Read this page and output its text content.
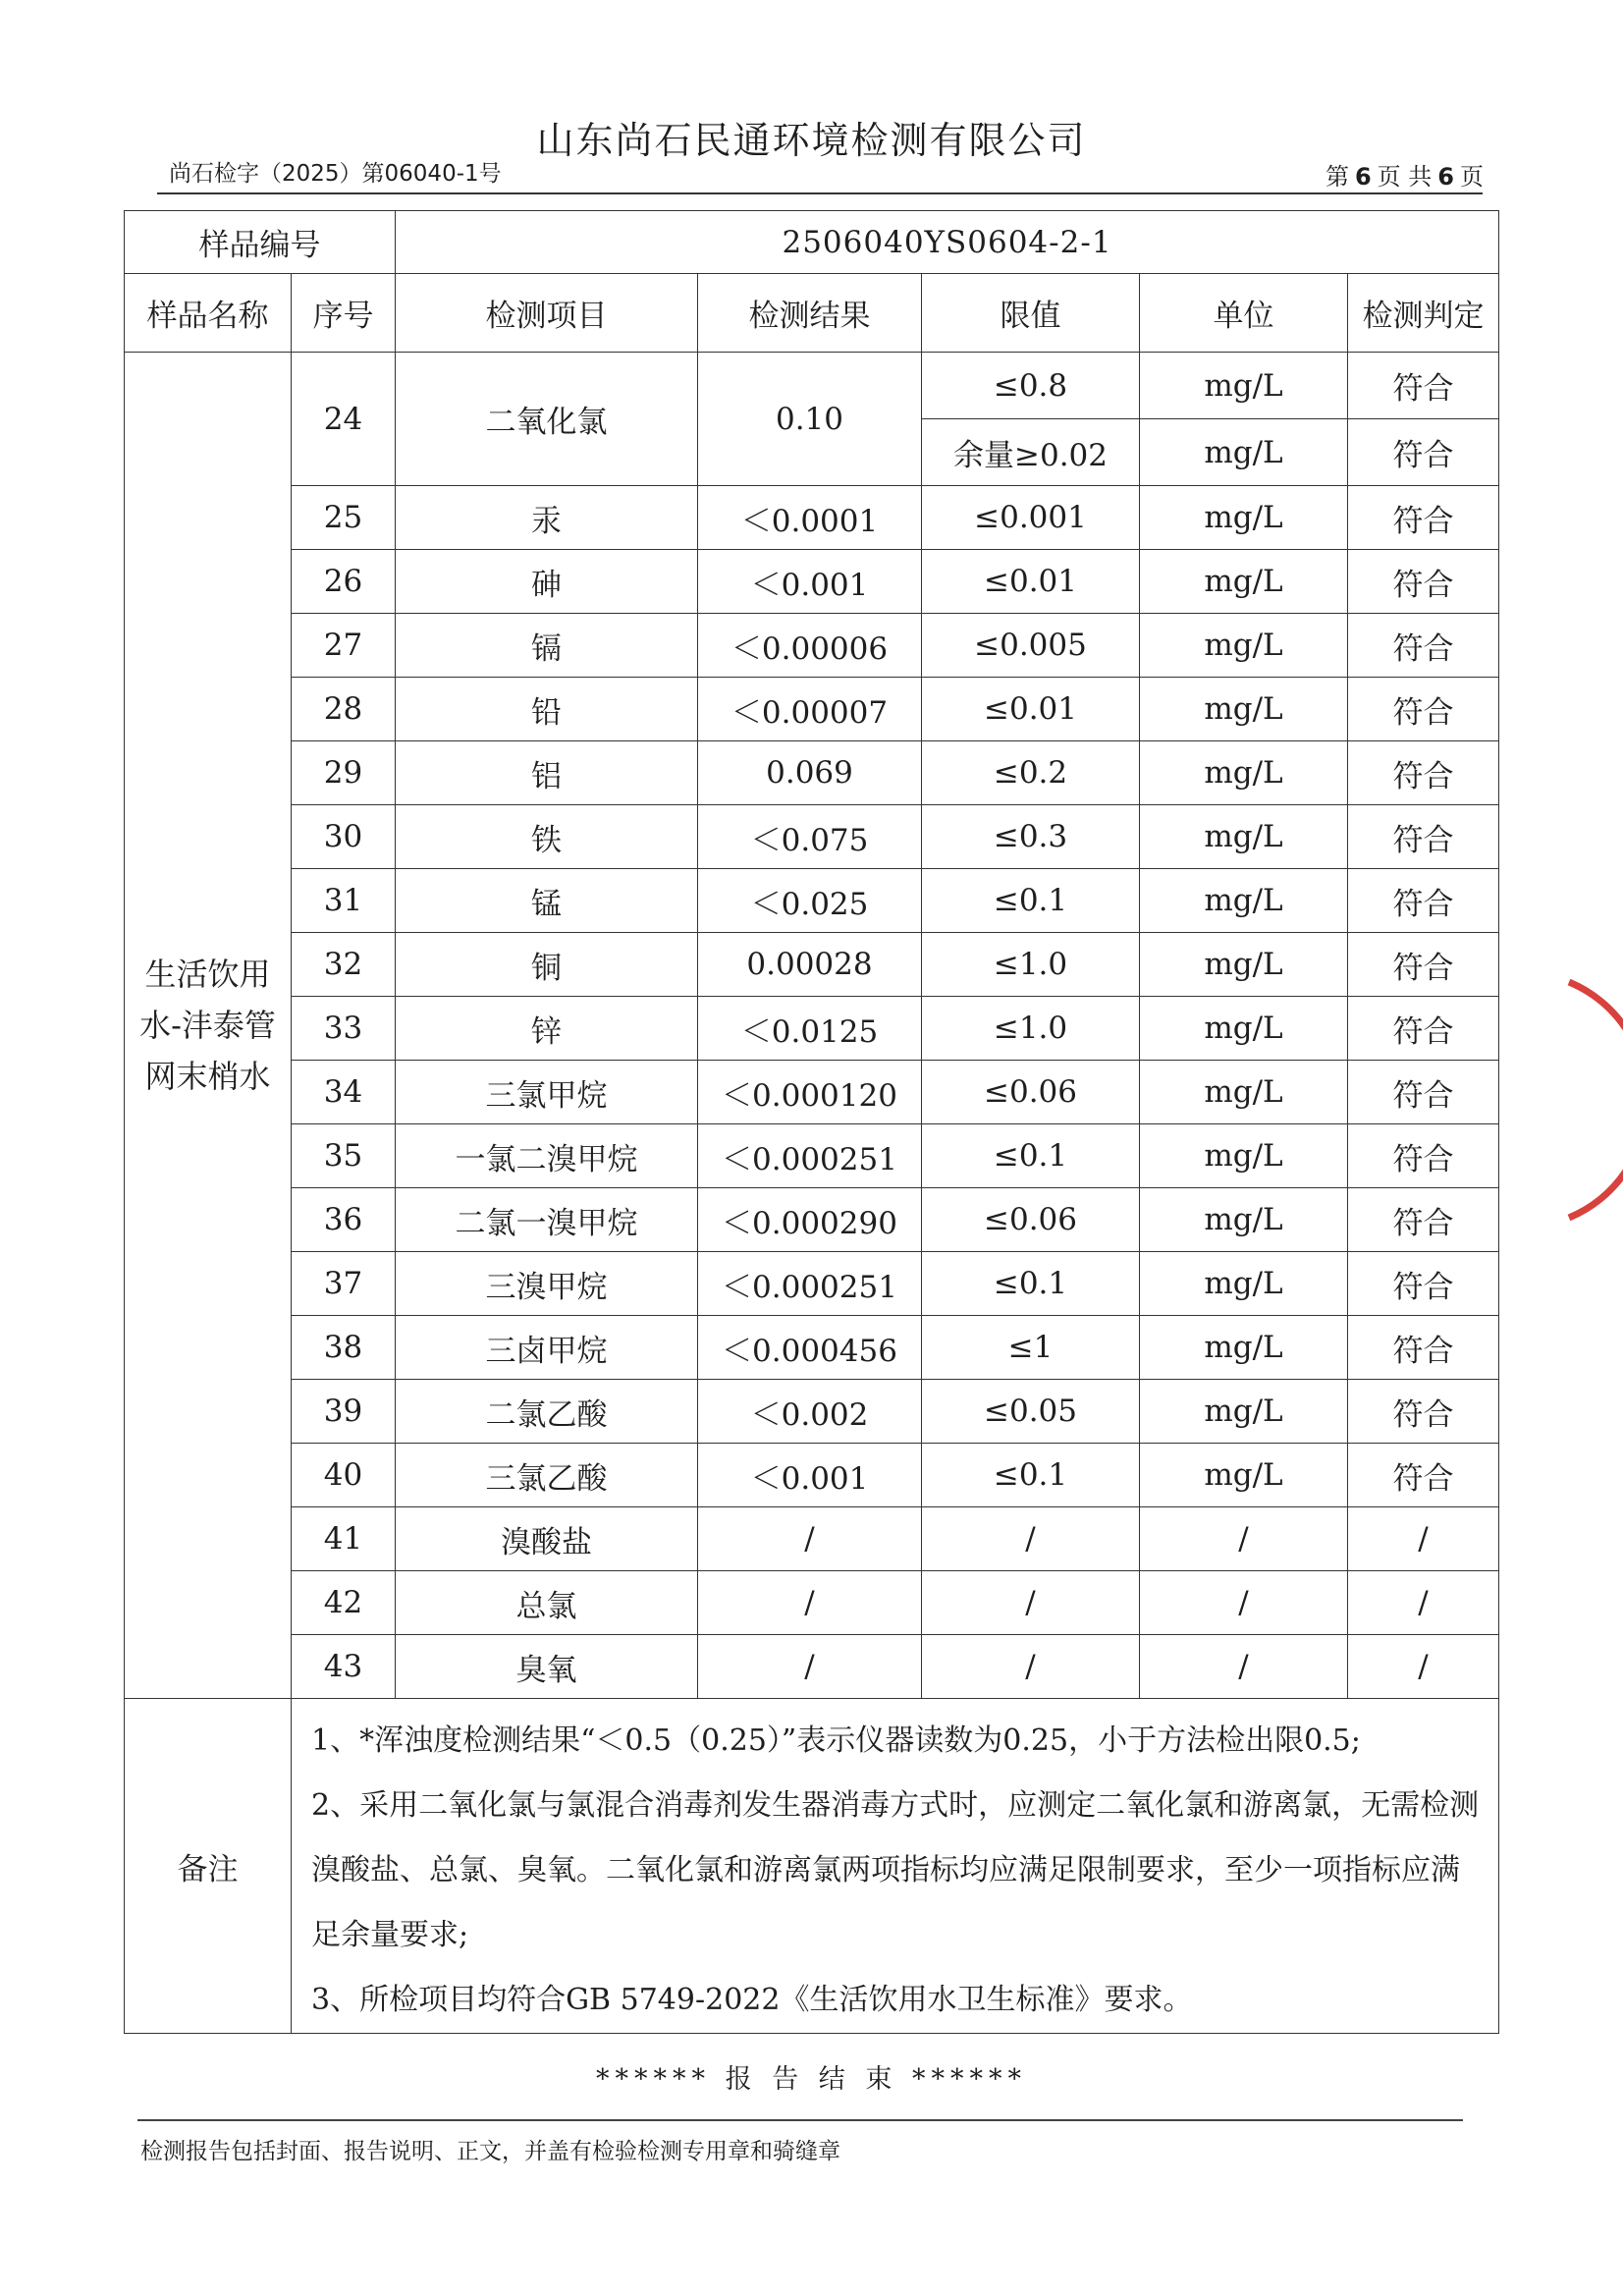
山东尚石民通环境检测有限公司
尚石检字（2025）第06040-1号	第 6 页 共 6 页
样品编号		2506040YS0604-2-1				
样品名称	序号	检测项目	检测结果	限值	单位	检测判定
生活饮用水-沣泰管网末梢水	24	二氧化氯	0.10	≤0.8	mg/L	符合
				余量≥0.02	mg/L	符合
	25	汞	＜0.0001	≤0.001	mg/L	符合
	26	砷	＜0.001	≤0.01	mg/L	符合
	27	镉	＜0.00006	≤0.005	mg/L	符合
	28	铅	＜0.00007	≤0.01	mg/L	符合
	29	铝	0.069	≤0.2	mg/L	符合
	30	铁	＜0.075	≤0.3	mg/L	符合
	31	锰	＜0.025	≤0.1	mg/L	符合
	32	铜	0.00028	≤1.0	mg/L	符合
	33	锌	＜0.0125	≤1.0	mg/L	符合
	34	三氯甲烷	＜0.000120	≤0.06	mg/L	符合
	35	一氯二溴甲烷	＜0.000251	≤0.1	mg/L	符合
	36	二氯一溴甲烷	＜0.000290	≤0.06	mg/L	符合
	37	三溴甲烷	＜0.000251	≤0.1	mg/L	符合
	38	三卤甲烷	＜0.000456	≤1	mg/L	符合
	39	二氯乙酸	＜0.002	≤0.05	mg/L	符合
	40	三氯乙酸	＜0.001	≤0.1	mg/L	符合
	41	溴酸盐	/	/	/	/
	42	总氯	/	/	/	/
	43	臭氧	/	/	/	/
备注	1、*浑浊度检测结果“＜0.5（0.25）”表示仪器读数为0.25，小于方法检出限0.5;
2、采用二氧化氯与氯混合消毒剂发生器消毒方式时，应测定二氧化氯和游离氯，无需检测溴酸盐、总氯、臭氧。二氧化氯和游离氯两项指标均应满足限制要求，至少一项指标应满足余量要求;
3、所检项目均符合GB 5749-2022《生活饮用水卫生标准》要求。					
****** 报 告 结 束 ******
检测报告包括封面、报告说明、正文，并盖有检验检测专用章和骑缝章
